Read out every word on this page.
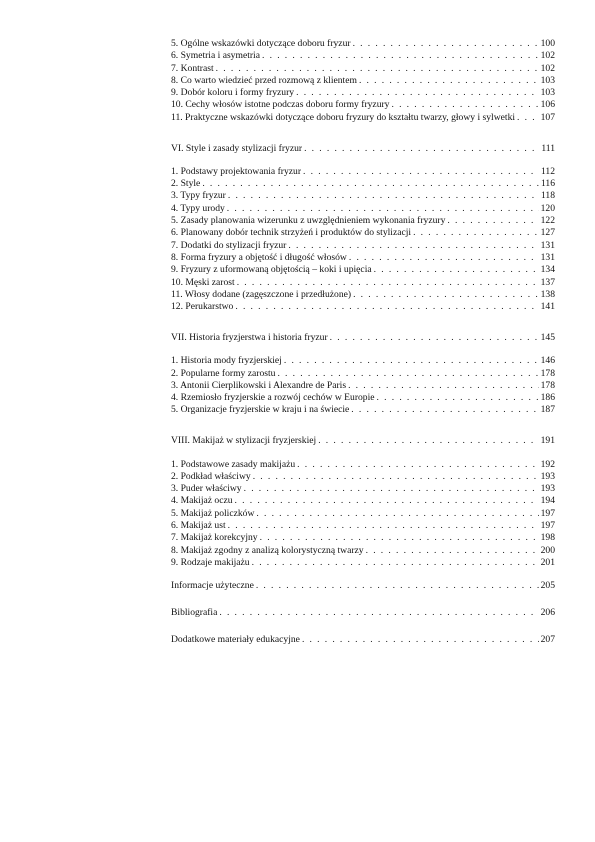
5. Ogólne wskazówki dotyczące doboru fryzur . . .	100
6. Symetria i asymetria . . .	102
7. Kontrast . . .	102
8. Co warto wiedzieć przed rozmową z klientem . . .	103
9. Dobór koloru i formy fryzury . . .	103
10. Cechy włosów istotne podczas doboru formy fryzury . . .	106
11. Praktyczne wskazówki dotyczące doboru fryzury do kształtu twarzy, głowy i sylwetki . . .	107
VI. Style i zasady stylizacji fryzur . . .	111
1. Podstawy projektowania fryzur . . .	112
2. Style . . .	116
3. Typy fryzur . . .	118
4. Typy urody . . .	120
5. Zasady planowania wizerunku z uwzględnieniem wykonania fryzury . . .	122
6. Planowany dobór technik strzyżeń i produktów do stylizacji . . .	127
7. Dodatki do stylizacji fryzur . . .	131
8. Forma fryzury a objętość i długość włosów . . .	131
9. Fryzury z uformowaną objętością – koki i upięcia . . .	134
10. Męski zarost . . .	137
11. Włosy dodane (zagęszczone i przedłużone) . . .	138
12. Perukarstwo . . .	141
VII. Historia fryzjerstwa i historia fryzur . . .	145
1. Historia mody fryzjerskiej . . .	146
2. Popularne formy zarostu . . .	178
3. Antonii Cierplikowski i Alexandre de Paris . . .	178
4. Rzemiosło fryzjerskie a rozwój cechów w Europie . . .	186
5. Organizacje fryzjerskie w kraju i na świecie . . .	187
VIII. Makijaż w stylizacji fryzjerskiej . . .	191
1. Podstawowe zasady makijażu . . .	192
2. Podkład właściwy . . .	193
3. Puder właściwy . . .	193
4. Makijaż oczu . . .	194
5. Makijaż policzków . . .	197
6. Makijaż ust . . .	197
7. Makijaż korekcyjny . . .	198
8. Makijaż zgodny z analizą kolorystyczną twarzy . . .	200
9. Rodzaje makijażu . . .	201
Informacje użyteczne . . .	205
Bibliografia . . .	206
Dodatkowe materiały edukacyjne . . .	207
